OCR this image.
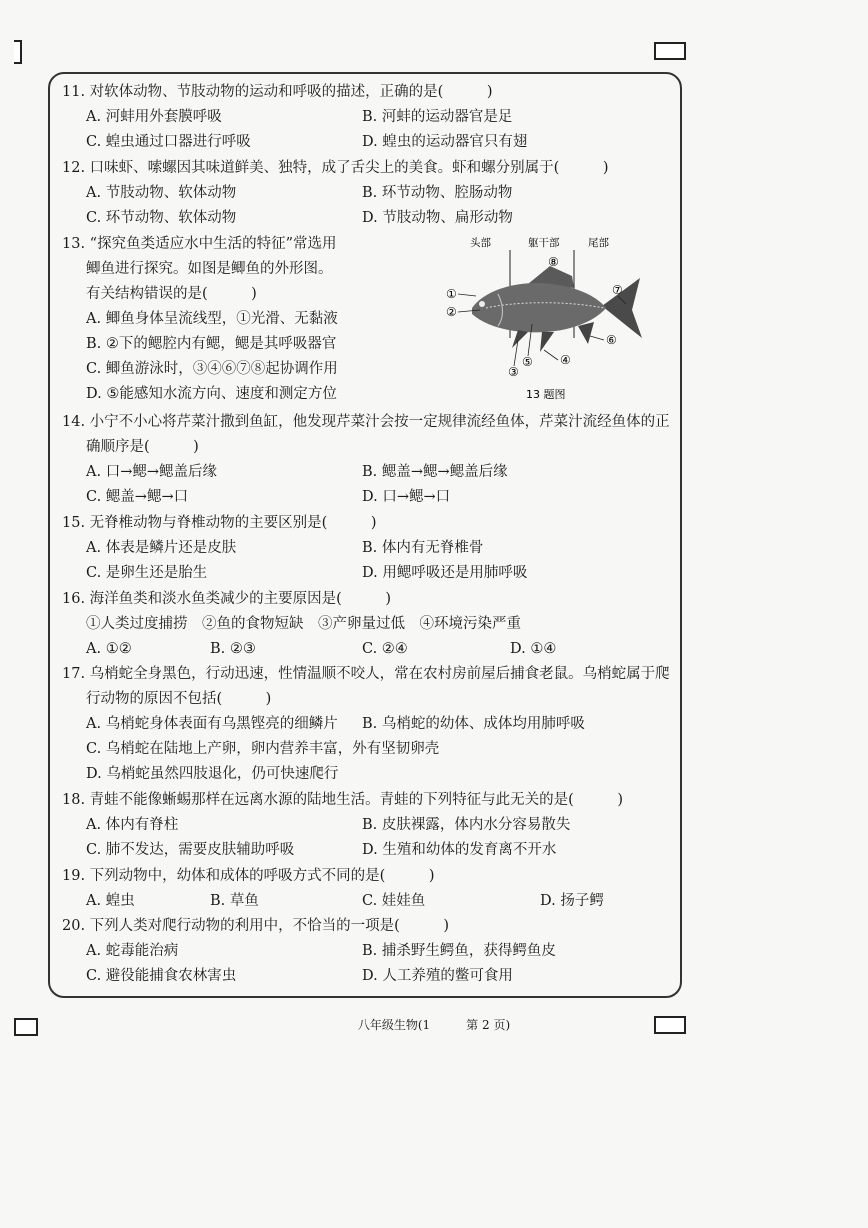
11. 对软体动物、节肢动物的运动和呼吸的描述，正确的是(　　　)
A. 河蚌用外套膜呼吸	B. 河蚌的运动器官是足
C. 蝗虫通过口器进行呼吸	D. 蝗虫的运动器官只有翅
12. 口味虾、嗦螺因其味道鲜美、独特，成了舌尖上的美食。虾和螺分别属于(　　　)
A. 节肢动物、软体动物	B. 环节动物、腔肠动物
C. 环节动物、软体动物	D. 节肢动物、扁形动物
13. “探究鱼类适应水中生活的特征”常选用
鲫鱼进行探究。如图是鲫鱼的外形图。
有关结构错误的是(　　　)
A. 鲫鱼身体呈流线型，①光滑、无黏液
B. ②下的鳃腔内有鳃，鳃是其呼吸器官
C. 鲫鱼游泳时，③④⑥⑦⑧起协调作用
D. ⑤能感知水流方向、速度和测定方位
头部	躯干部	尾部
①
②
③
④
⑤
⑥
⑦
⑧
13 题图
14. 小宁不小心将芹菜汁撒到鱼缸，他发现芹菜汁会按一定规律流经鱼体，芹菜汁流经鱼体的正
确顺序是(　　　)
A. 口→鳃→鳃盖后缘	B. 鳃盖→鳃→鳃盖后缘
C. 鳃盖→鳃→口	D. 口→鳃→口
15. 无脊椎动物与脊椎动物的主要区别是(　　　)
A. 体表是鳞片还是皮肤	B. 体内有无脊椎骨
C. 是卵生还是胎生	D. 用鳃呼吸还是用肺呼吸
16. 海洋鱼类和淡水鱼类减少的主要原因是(　　　)
①人类过度捕捞　②鱼的食物短缺　③产卵量过低　④环境污染严重
A. ①②	B. ②③	C. ②④	D. ①④
17. 乌梢蛇全身黑色，行动迅速，性情温顺不咬人，常在农村房前屋后捕食老鼠。乌梢蛇属于爬
行动物的原因不包括(　　　)
A. 乌梢蛇身体表面有乌黑铿亮的细鳞片 B. 乌梢蛇的幼体、成体均用肺呼吸
C. 乌梢蛇在陆地上产卵，卵内营养丰富，外有坚韧卵壳
D. 乌梢蛇虽然四肢退化，仍可快速爬行
18. 青蛙不能像蜥蜴那样在远离水源的陆地生活。青蛙的下列特征与此无关的是(　　　)
A. 体内有脊柱	B. 皮肤裸露，体内水分容易散失
C. 肺不发达，需要皮肤辅助呼吸	D. 生殖和幼体的发育离不开水
19. 下列动物中，幼体和成体的呼吸方式不同的是(　　　)
A. 蝗虫	B. 草鱼	C. 娃娃鱼	D. 扬子鳄
20. 下列人类对爬行动物的利用中，不恰当的一项是(　　　)
A. 蛇毒能治病	B. 捕杀野生鳄鱼，获得鳄鱼皮
C. 避役能捕食农林害虫	D. 人工养殖的鳖可食用
八年级生物(1　　　第 2 页)
